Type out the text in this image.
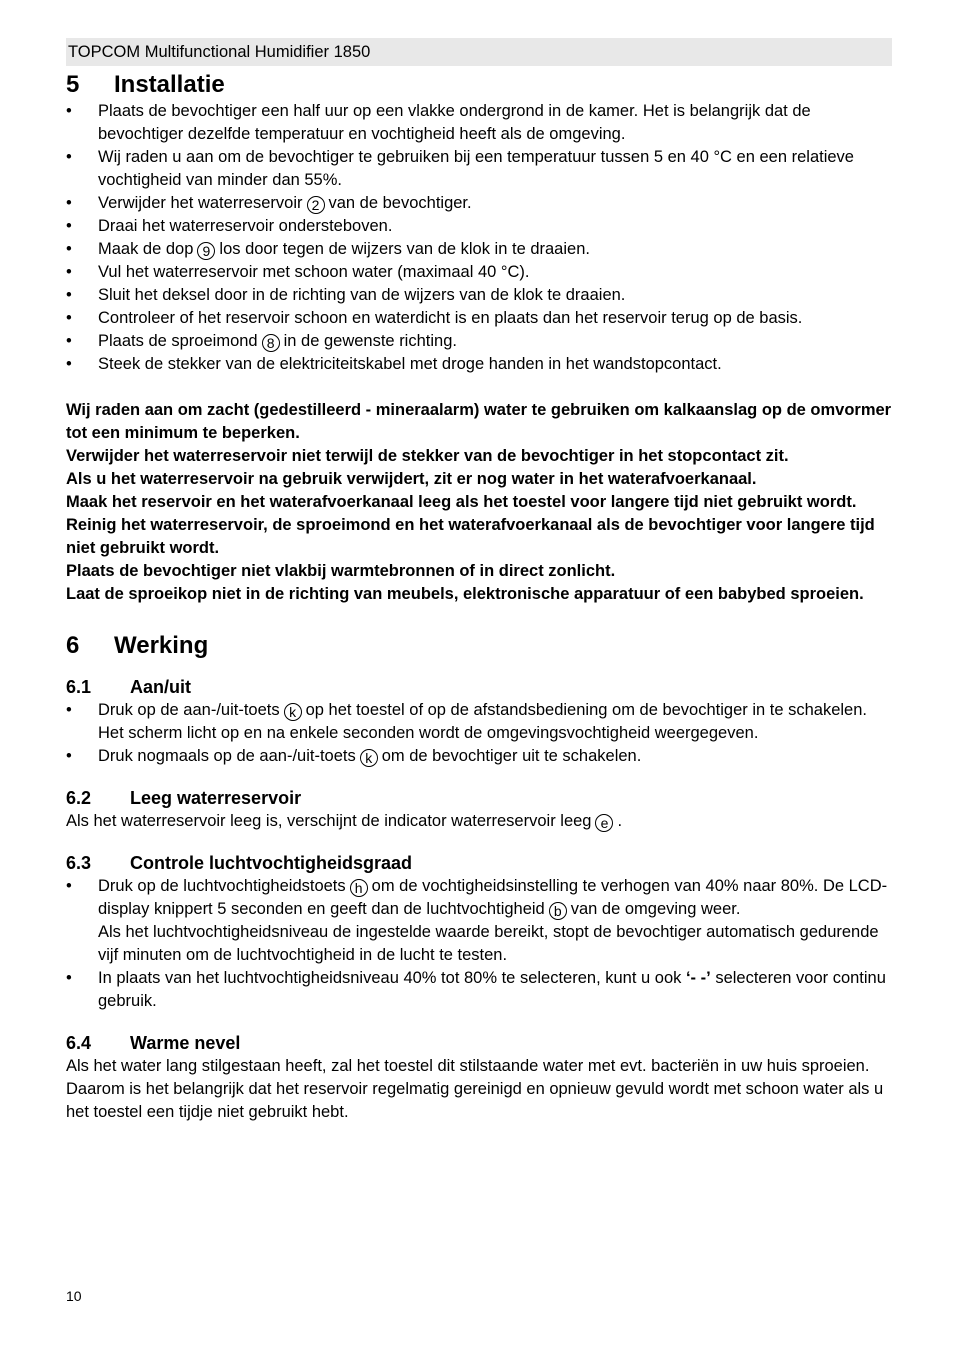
TOPCOM Multifunctional Humidifier 1850
5 Installatie
• Plaats de bevochtiger een half uur op een vlakke ondergrond in de kamer. Het is belangrijk dat de bevochtiger dezelfde temperatuur en vochtigheid heeft als de omgeving.
• Wij raden u aan om de bevochtiger te gebruiken bij een temperatuur tussen 5 en 40 °C en een relatieve vochtigheid van minder dan 55%.
• Verwijder het waterreservoir 2 van de bevochtiger.
• Draai het waterreservoir ondersteboven.
• Maak de dop 9 los door tegen de wijzers van de klok in te draaien.
• Vul het waterreservoir met schoon water (maximaal 40 °C).
• Sluit het deksel door in de richting van de wijzers van de klok te draaien.
• Controleer of het reservoir schoon en waterdicht is en plaats dan het reservoir terug op de basis.
• Plaats de sproeimond 8 in de gewenste richting.
• Steek de stekker van de elektriciteitskabel met droge handen in het wandstopcontact.
Wij raden aan om zacht (gedestilleerd - mineraalarm) water te gebruiken om kalkaanslag op de omvormer tot een minimum te beperken.
Verwijder het waterreservoir niet terwijl de stekker van de bevochtiger in het stopcontact zit.
Als u het waterreservoir na gebruik verwijdert, zit er nog water in het waterafvoerkanaal.
Maak het reservoir en het waterafvoerkanaal leeg als het toestel voor langere tijd niet gebruikt wordt.
Reinig het waterreservoir, de sproeimond en het waterafvoerkanaal als de bevochtiger voor langere tijd niet gebruikt wordt.
Plaats de bevochtiger niet vlakbij warmtebronnen of in direct zonlicht.
Laat de sproeikop niet in de richting van meubels, elektronische apparatuur of een babybed sproeien.
6 Werking
6.1 Aan/uit
• Druk op de aan-/uit-toets k op het toestel of op de afstandsbediening om de bevochtiger in te schakelen. Het scherm licht op en na enkele seconden wordt de omgevingsvochtigheid weergegeven.
• Druk nogmaals op de aan-/uit-toets k om de bevochtiger uit te schakelen.
6.2 Leeg waterreservoir
Als het waterreservoir leeg is, verschijnt de indicator waterreservoir leeg e .
6.3 Controle luchtvochtigheidsgraad
• Druk op de luchtvochtigheidstoets h om de vochtigheidsinstelling te verhogen van 40% naar 80%. De LCD-display knippert 5 seconden en geeft dan de luchtvochtigheid b van de omgeving weer.
Als het luchtvochtigheidsniveau de ingestelde waarde bereikt, stopt de bevochtiger automatisch gedurende vijf minuten om de luchtvochtigheid in de lucht te testen.
• In plaats van het luchtvochtigheidsniveau 40% tot 80% te selecteren, kunt u ook ‘- -’ selecteren voor continu gebruik.
6.4 Warme nevel
Als het water lang stilgestaan heeft, zal het toestel dit stilstaande water met evt. bacteriën in uw huis sproeien. Daarom is het belangrijk dat het reservoir regelmatig gereinigd en opnieuw gevuld wordt met schoon water als u het toestel een tijdje niet gebruikt hebt.
10
